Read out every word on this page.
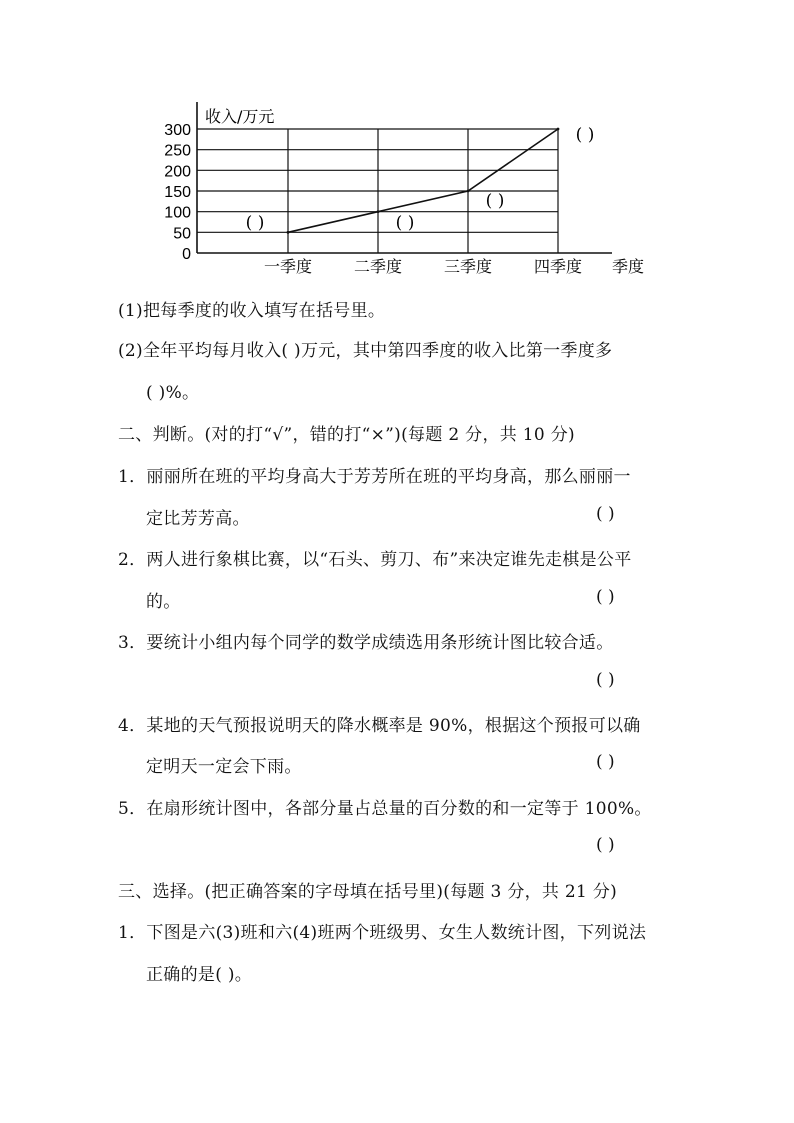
0
50
100
150
200
250
300
收入/万元
一季度	二季度	三季度	四季度 季度
( )	( )
( )
( )
(1)把每季度的收入填写在括号里。
(2)全年平均每月收入( )万元，其中第四季度的收入比第一季度多
( )%。
二、判断。(对的打“√”，错的打“×”)(每题 2 分，共 10 分)
1．丽丽所在班的平均身高大于芳芳所在班的平均身高，那么丽丽一
定比芳芳高。	( )
2．两人进行象棋比赛，以“石头、剪刀、布”来决定谁先走棋是公平
的。	( )
3．要统计小组内每个同学的数学成绩选用条形统计图比较合适。
( )
4．某地的天气预报说明天的降水概率是 90%，根据这个预报可以确
定明天一定会下雨。	( )
5．在扇形统计图中，各部分量占总量的百分数的和一定等于 100%。
( )
三、选择。(把正确答案的字母填在括号里)(每题 3 分，共 21 分)
1．下图是六(3)班和六(4)班两个班级男、女生人数统计图，下列说法
正确的是( )。
